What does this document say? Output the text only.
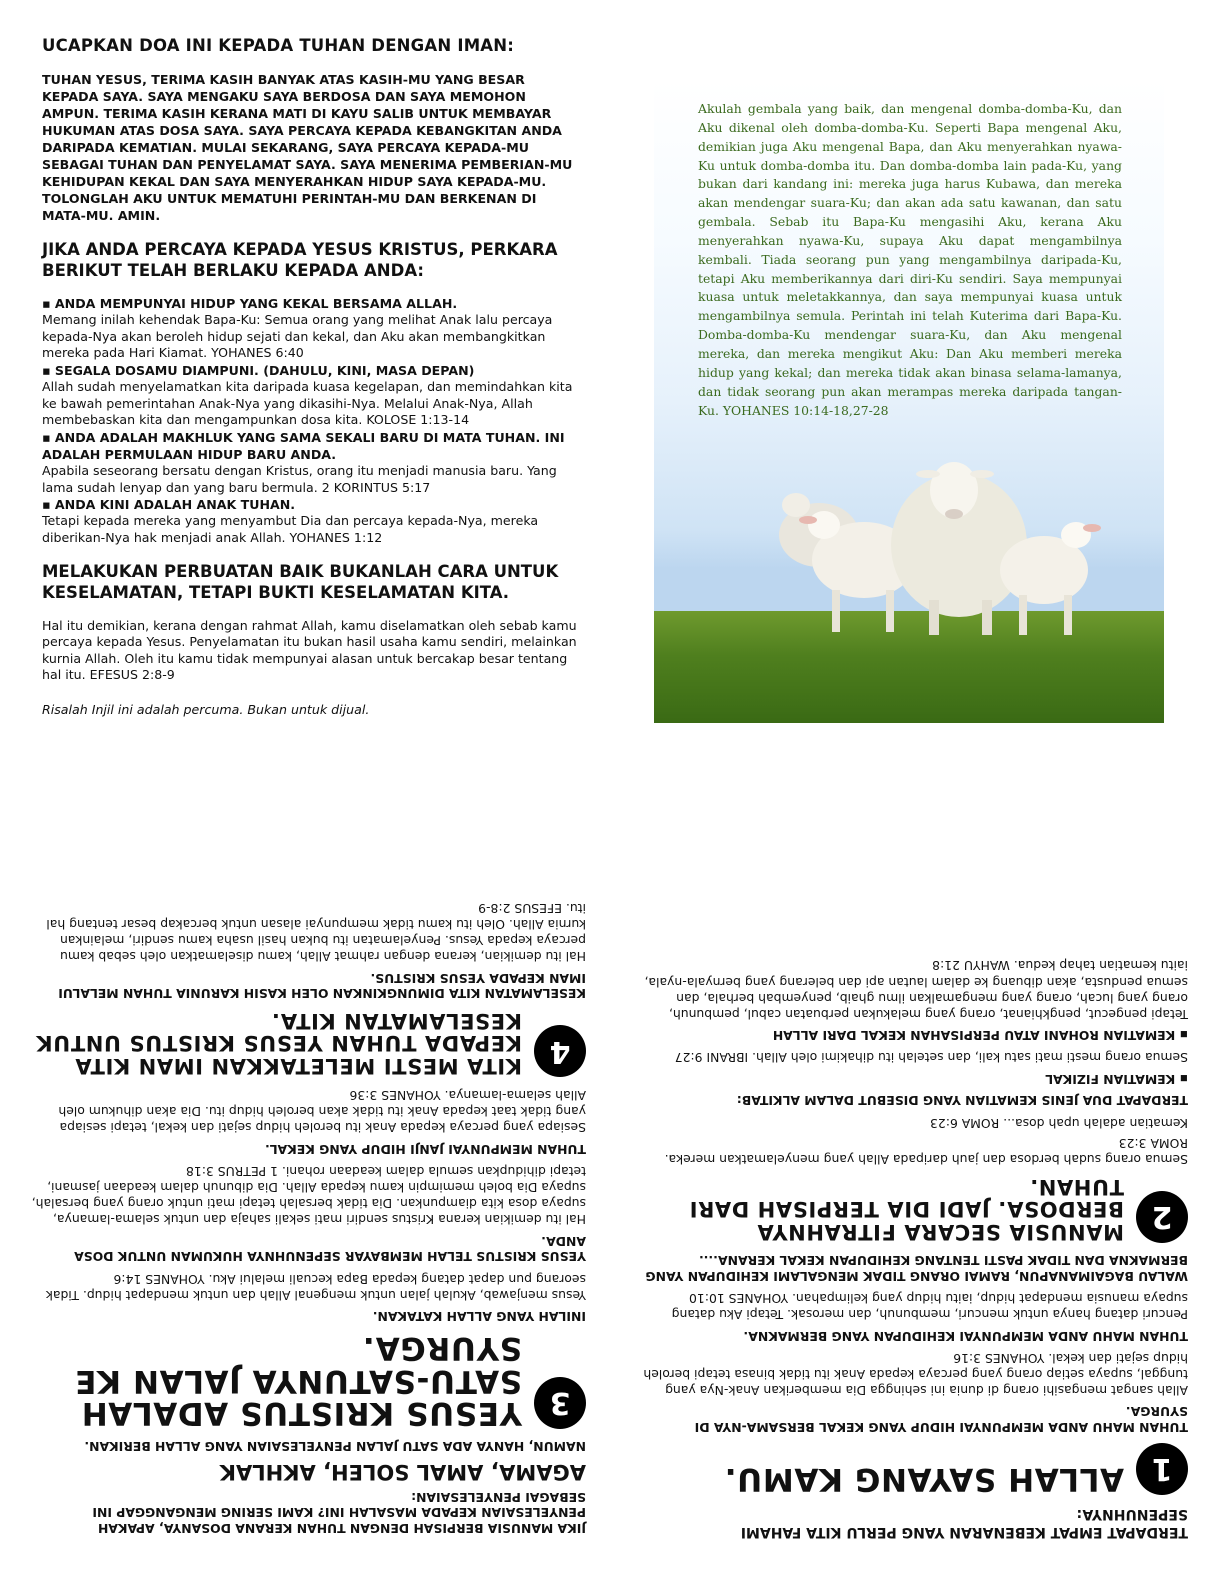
UCAPKAN DOA INI KEPADA TUHAN DENGAN IMAN:
TUHAN YESUS, TERIMA KASIH BANYAK ATAS KASIH-MU YANG BESAR KEPADA SAYA. SAYA MENGAKU SAYA BERDOSA DAN SAYA MEMOHON AMPUN. TERIMA KASIH KERANA MATI DI KAYU SALIB UNTUK MEMBAYAR HUKUMAN ATAS DOSA SAYA. SAYA PERCAYA KEPADA KEBANGKITAN ANDA DARIPADA KEMATIAN. MULAI SEKARANG, SAYA PERCAYA KEPADA-MU SEBAGAI TUHAN DAN PENYELAMAT SAYA. SAYA MENERIMA PEMBERIAN-MU KEHIDUPAN KEKAL DAN SAYA MENYERAHKAN HIDUP SAYA KEPADA-MU. TOLONGLAH AKU UNTUK MEMATUHI PERINTAH-MU DAN BERKENAN DI MATA-MU. AMIN.
JIKA ANDA PERCAYA KEPADA YESUS KRISTUS, PERKARA BERIKUT TELAH BERLAKU KEPADA ANDA:
▪ ANDA MEMPUNYAI HIDUP YANG KEKAL BERSAMA ALLAH.
Memang inilah kehendak Bapa-Ku: Semua orang yang melihat Anak lalu percaya kepada-Nya akan beroleh hidup sejati dan kekal, dan Aku akan membangkitkan mereka pada Hari Kiamat. YOHANES 6:40
▪ SEGALA DOSAMU DIAMPUNI. (DAHULU, KINI, MASA DEPAN)
Allah sudah menyelamatkan kita daripada kuasa kegelapan, dan memindahkan kita ke bawah pemerintahan Anak-Nya yang dikasihi-Nya. Melalui Anak-Nya, Allah membebaskan kita dan mengampunkan dosa kita. KOLOSE 1:13-14
▪ ANDA ADALAH MAKHLUK YANG SAMA SEKALI BARU DI MATA TUHAN. INI ADALAH PERMULAAN HIDUP BARU ANDA.
Apabila seseorang bersatu dengan Kristus, orang itu menjadi manusia baru. Yang lama sudah lenyap dan yang baru bermula. 2 KORINTUS 5:17
▪ ANDA KINI ADALAH ANAK TUHAN.
Tetapi kepada mereka yang menyambut Dia dan percaya kepada-Nya, mereka diberikan-Nya hak menjadi anak Allah. YOHANES 1:12
MELAKUKAN PERBUATAN BAIK BUKANLAH CARA UNTUK KESELAMATAN, TETAPI BUKTI KESELAMATAN KITA.
Hal itu demikian, kerana dengan rahmat Allah, kamu diselamatkan oleh sebab kamu percaya kepada Yesus. Penyelamatan itu bukan hasil usaha kamu sendiri, melainkan kurnia Allah. Oleh itu kamu tidak mempunyai alasan untuk bercakap besar tentang hal itu. EFESUS 2:8-9
Risalah Injil ini adalah percuma. Bukan untuk dijual.
Akulah gembala yang baik, dan mengenal domba-domba-Ku, dan Aku dikenal oleh domba-domba-Ku. Seperti Bapa mengenal Aku, demikian juga Aku mengenal Bapa, dan Aku menyerahkan nyawa-Ku untuk domba-domba itu. Dan domba-domba lain pada-Ku, yang bukan dari kandang ini: mereka juga harus Kubawa, dan mereka akan mendengar suara-Ku; dan akan ada satu kawanan, dan satu gembala. Sebab itu Bapa-Ku mengasihi Aku, kerana Aku menyerahkan nyawa-Ku, supaya Aku dapat mengambilnya kembali. Tiada seorang pun yang mengambilnya daripada-Ku, tetapi Aku memberikannya dari diri-Ku sendiri. Saya mempunyai kuasa untuk meletakkannya, dan saya mempunyai kuasa untuk mengambilnya semula. Perintah ini telah Kuterima dari Bapa-Ku. Domba-domba-Ku mendengar suara-Ku, dan Aku mengenal mereka, dan mereka mengikut Aku: Dan Aku memberi mereka hidup yang kekal; dan mereka tidak akan binasa selama-lamanya, dan tidak seorang pun akan merampas mereka daripada tangan-Ku. YOHANES 10:14-18,27-28
JIKA MANUSIA BERPISAH DENGAN TUHAN KERANA DOSANYA, APAKAH PENYELESAIAN KEPADA MASALAH INI? KAMI SERING MENGANGGAP INI SEBAGAI PENYELESAIAN:
AGAMA, AMAL SOLEH, AKHLAK
NAMUN, HANYA ADA SATU JALAN PENYELESAIAN YANG ALLAH BERIKAN.
3
YESUS KRISTUS ADALAH SATU-SATUNYA JALAN KE SYURGA.
INILAH YANG ALLAH KATAKAN.
Yesus menjawab, Akulah jalan untuk mengenal Allah dan untuk mendapat hidup. Tidak seorang pun dapat datang kepada Bapa kecuali melalui Aku. YOHANES 14:6
YESUS KRISTUS TELAH MEMBAYAR SEPENUHNYA HUKUMAN UNTUK DOSA ANDA.
Hal itu demikian kerana Kristus sendiri mati sekali sahaja dan untuk selama-lamanya, supaya dosa kita diampunkan. Dia tidak bersalah tetapi mati untuk orang yang bersalah, supaya Dia boleh memimpin kamu kepada Allah. Dia dibunuh dalam keadaan jasmani, tetapi dihidupkan semula dalam keadaan rohani. 1 PETRUS 3:18
TUHAN MEMPUNYAI JANJI HIDUP YANG KEKAL.
Sesiapa yang percaya kepada Anak itu beroleh hidup sejati dan kekal, tetapi sesiapa yang tidak taat kepada Anak itu tidak akan beroleh hidup itu. Dia akan dihukum oleh Allah selama-lamanya. YOHANES 3:36
4
KITA MESTI MELETAKKAN IMAN KITA KEPADA TUHAN YESUS KRISTUS UNTUK KESELAMATAN KITA.
KESELAMATAN KITA DIMUNGKINKAN OLEH KASIH KARUNIA TUHAN MELALUI IMAN KEPADA YESUS KRISTUS.
Hal itu demikian, kerana dengan rahmat Allah, kamu diselamatkan oleh sebab kamu percaya kepada Yesus. Penyelamatan itu bukan hasil usaha kamu sendiri, melainkan kurnia Allah. Oleh itu kamu tidak mempunyai alasan untuk bercakap besar tentang hal itu. EFESUS 2:8-9
TERDAPAT EMPAT KEBENARAN YANG PERLU KITA FAHAMI SEPENUHNYA:
1
ALLAH SAYANG KAMU.
TUHAN MAHU ANDA MEMPUNYAI HIDUP YANG KEKAL BERSAMA-NYA DI SYURGA.
Allah sangat mengasihi orang di dunia ini sehingga Dia memberikan Anak-Nya yang tunggal, supaya setiap orang yang percaya kepada Anak itu tidak binasa tetapi beroleh hidup sejati dan kekal. YOHANES 3:16
TUHAN MAHU ANDA MEMPUNYAI KEHIDUPAN YANG BERMAKNA.
Pencuri datang hanya untuk mencuri, membunuh, dan merosak. Tetapi Aku datang supaya manusia mendapat hidup, iaitu hidup yang kelimpahan. YOHANES 10:10
WALAU BAGAIMANAPUN, RAMAI ORANG TIDAK MENGALAMI KEHIDUPAN YANG BERMAKNA DAN TIDAK PASTI TENTANG KEHIDUPAN KEKAL KERANA....
2
MANUSIA SECARA FITRAHNYA BERDOSA. JADI DIA TERPISAH DARI TUHAN.
Semua orang sudah berdosa dan jauh daripada Allah yang menyelamatkan mereka. ROMA 3:23
Kematian adalah upah dosa... ROMA 6:23
TERDAPAT DUA JENIS KEMATIAN YANG DISEBUT DALAM ALKITAB:
▪ KEMATIAN FIZIKAL
Semua orang mesti mati satu kali, dan setelah itu dihakimi oleh Allah. IBRANI 9:27
▪ KEMATIAN ROHANI ATAU PERPISAHAN KEKAL DARI ALLAH
Tetapi pengecut, pengkhianat, orang yang melakukan perbuatan cabul, pembunuh, orang yang lucah, orang yang mengamalkan ilmu ghaib, penyembah berhala, dan semua pendusta, akan dibuang ke dalam lautan api dan belerang yang bernyala-nyala, iaitu kematian tahap kedua. WAHYU 21:8
